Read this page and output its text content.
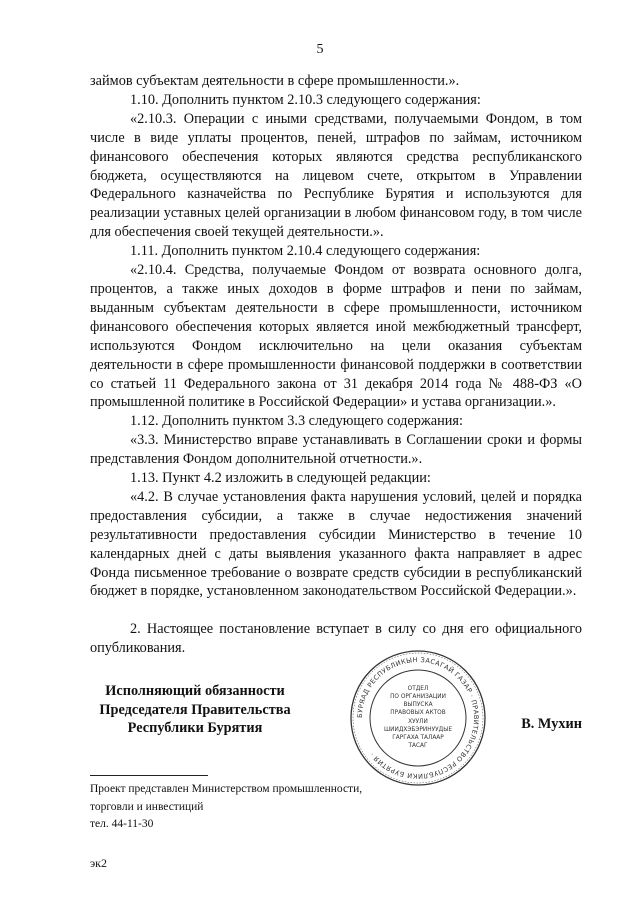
5

займов субъектам деятельности в сфере промышленности.».

1.10. Дополнить пунктом 2.10.3 следующего содержания:

«2.10.3. Операции с иными средствами, получаемыми Фондом, в том числе в виде уплаты процентов, пеней, штрафов по займам, источником финансового обеспечения которых являются средства республиканского бюджета, осуществляются на лицевом счете, открытом в Управлении Федерального казначейства по Республике Бурятия и используются для реализации уставных целей организации в любом финансовом году, в том числе для обеспечения своей текущей деятельности.».

1.11. Дополнить пунктом 2.10.4 следующего содержания:

«2.10.4. Средства, получаемые Фондом от возврата основного долга, процентов, а также иных доходов в форме штрафов и пени по займам, выданным субъектам деятельности в сфере промышленности, источником финансового обеспечения которых является иной межбюджетный трансферт, используются Фондом исключительно на цели оказания субъектам деятельности в сфере промышленности финансовой поддержки в соответствии со статьей 11 Федерального закона от 31 декабря 2014 года № 488-ФЗ «О промышленной политике в Российской Федерации» и устава организации.».

1.12. Дополнить пунктом 3.3 следующего содержания:

«3.3. Министерство вправе устанавливать в Соглашении сроки и формы представления Фондом дополнительной отчетности.».

1.13. Пункт 4.2 изложить в следующей редакции:

«4.2. В случае установления факта нарушения условий, целей и порядка предоставления субсидии, а также в случае недостижения значений результативности предоставления субсидии Министерство в течение 10 календарных дней с даты выявления указанного факта направляет в адрес Фонда письменное требование о возврате средств субсидии в республиканский бюджет в порядке, установленном законодательством Российской Федерации.».

2. Настоящее постановление вступает в силу со дня его официального опубликования.

Исполняющий обязанности
Председателя Правительства
Республики Бурятия
БУРЯАД РЕСПУБЛИКЫН ЗАСАГАЙ ГАЗАР · ПРАВИТЕЛЬСТВО РЕСПУБЛИКИ БУРЯТИЯ ·
ОТДЕЛ
ПО ОРГАНИЗАЦИИ
ВЫПУСКА
ПРАВОВЫХ АКТОВ
ХУУЛИ
ШИИДХЭБЭРИНУУДЫЕ
ГАРГАХА ТАЛААР
ТАСАГ
В. Мухин
Проект представлен Министерством промышленности,
торговли и инвестиций
тел. 44-11-30
эк2
